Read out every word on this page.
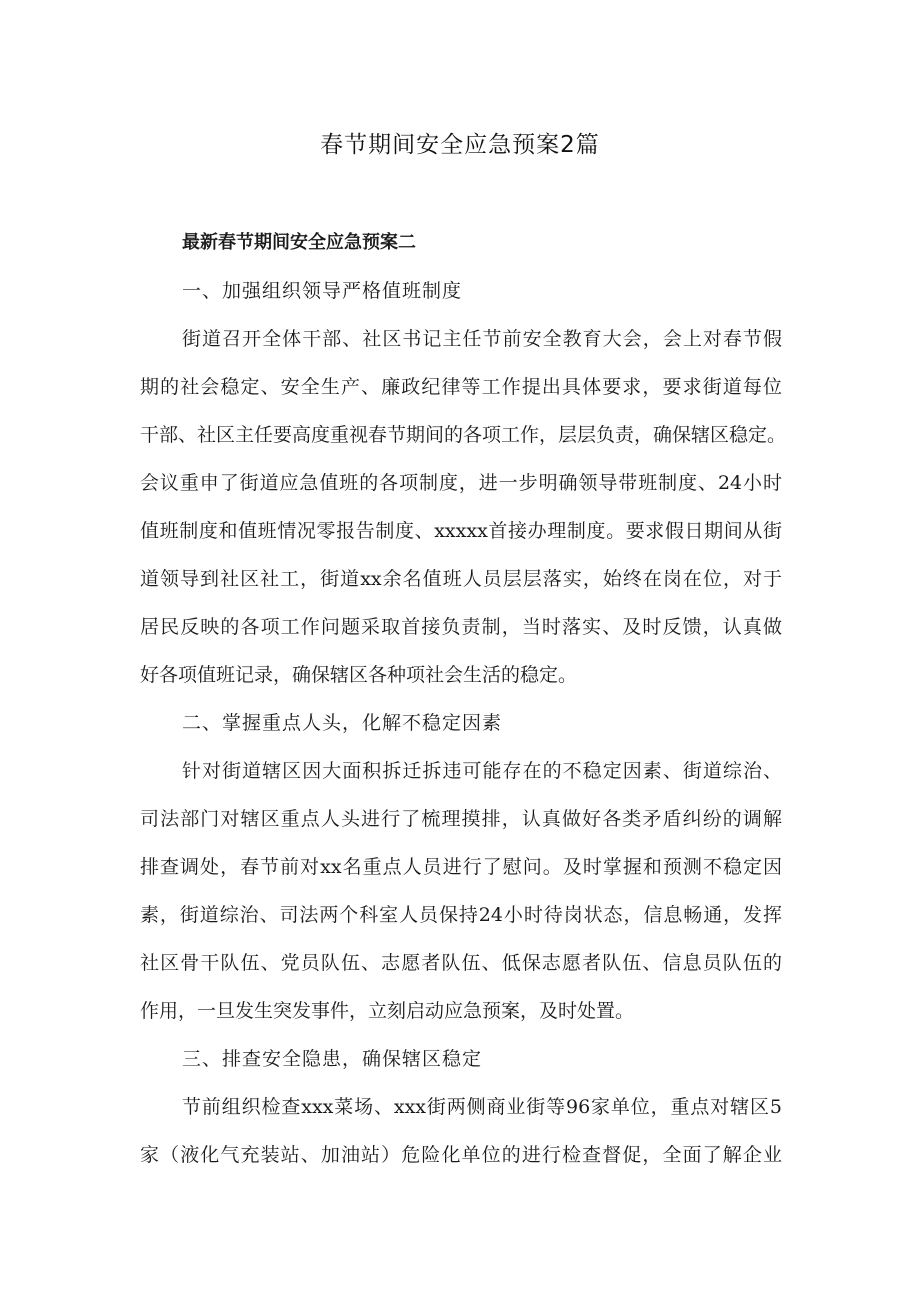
春节期间安全应急预案2篇

最新春节期间安全应急预案二

一、加强组织领导严格值班制度

街道召开全体干部、社区书记主任节前安全教育大会，会上对春节假

期的社会稳定、安全生产、廉政纪律等工作提出具体要求，要求街道每位

干部、社区主任要高度重视春节期间的各项工作，层层负责，确保辖区稳定。

会议重申了街道应急值班的各项制度，进一步明确领导带班制度、24小时

值班制度和值班情况零报告制度、xxxxx首接办理制度。要求假日期间从街

道领导到社区社工，街道xx余名值班人员层层落实，始终在岗在位，对于

居民反映的各项工作问题采取首接负责制，当时落实、及时反馈，认真做

好各项值班记录，确保辖区各种项社会生活的稳定。

二、掌握重点人头，化解不稳定因素

针对街道辖区因大面积拆迁拆违可能存在的不稳定因素、街道综治、

司法部门对辖区重点人头进行了梳理摸排，认真做好各类矛盾纠纷的调解

排查调处，春节前对xx名重点人员进行了慰问。及时掌握和预测不稳定因

素，街道综治、司法两个科室人员保持24小时待岗状态，信息畅通，发挥

社区骨干队伍、党员队伍、志愿者队伍、低保志愿者队伍、信息员队伍的

作用，一旦发生突发事件，立刻启动应急预案，及时处置。

三、排查安全隐患，确保辖区稳定

节前组织检查xxx菜场、xxx街两侧商业街等96家单位，重点对辖区5

家（液化气充装站、加油站）危险化单位的进行检查督促，全面了解企业
